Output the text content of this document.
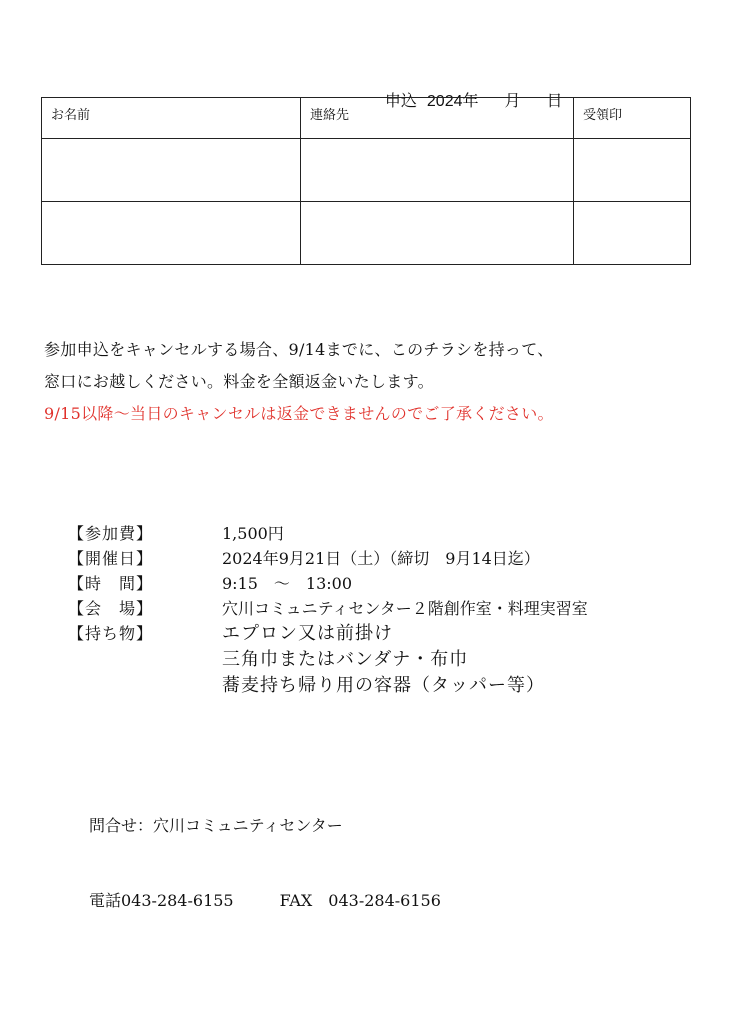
申込 2024年 月 日

お名前	連絡先	受領印

参加申込をキャンセルする場合、9/14までに、このチラシを持って、
窓口にお越しください。料金を全額返金いたします。
9/15以降～当日のキャンセルは返金できませんのでご了承ください。
【参加費】	1,500円
【開催日】	2024年9月21日（土）（締切　9月14日迄）
【時　間】	9:15　～　13:00
【会　場】	穴川コミュニティセンター２階創作室・料理実習室
【持ち物】	エプロン又は前掛け
三角巾またはバンダナ・布巾
蕎麦持ち帰り用の容器（タッパー等）

問合せ：穴川コミュニティセンター

電話043-284-6155	FAX　043-284-6156
